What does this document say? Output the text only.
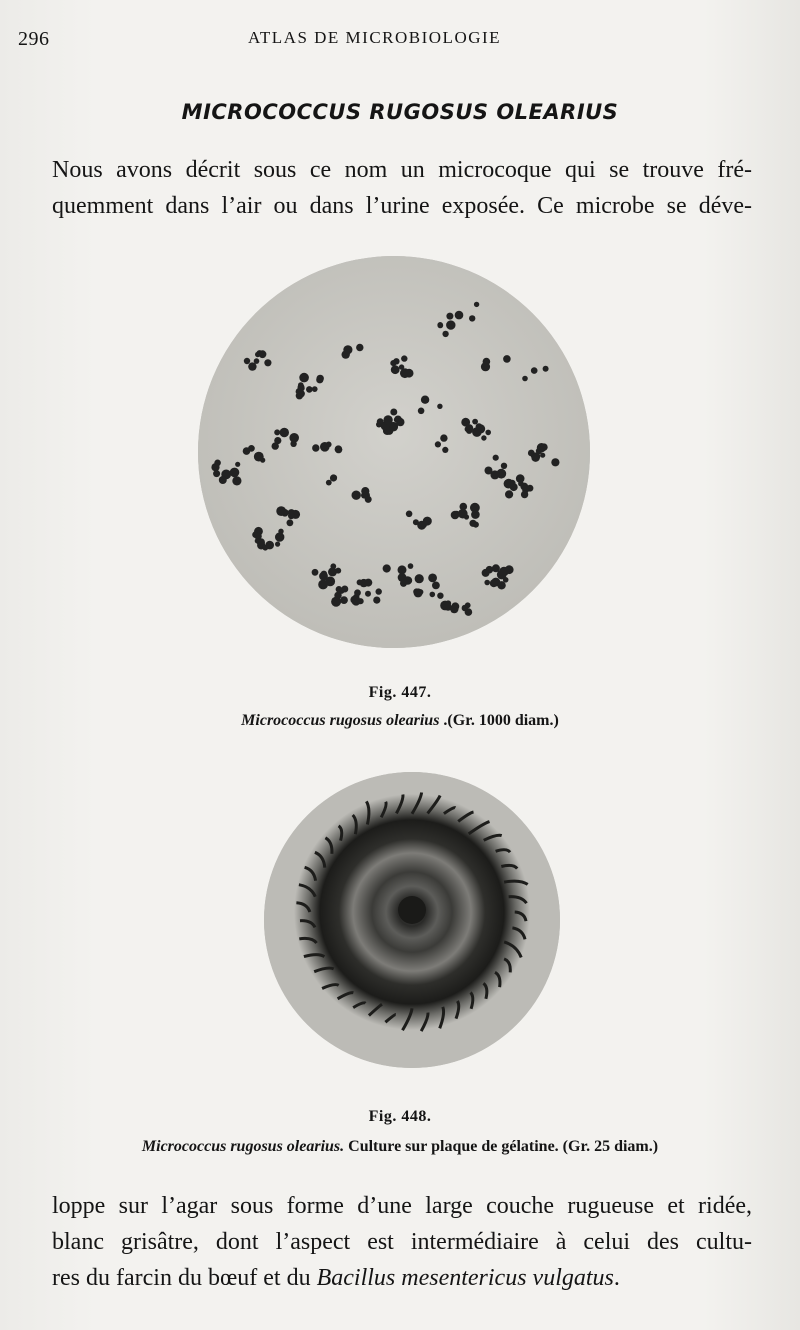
296	ATLAS DE MICROBIOLOGIE
MICROCOCCUS RUGOSUS OLEARIUS
Nous avons décrit sous ce nom un microcoque qui se trouve fré-
quemment dans l’air ou dans l’urine exposée. Ce microbe se déve-
Fig. 447.
Micrococcus rugosus olearius .(Gr. 1000 diam.)
Fig. 448.
Micrococcus rugosus olearius. Culture sur plaque de gélatine. (Gr. 25 diam.)
loppe sur l’agar sous forme d’une large couche rugueuse et ridée,
blanc grisâtre, dont l’aspect est intermédiaire à celui des cultu-
res du farcin du bœuf et du Bacillus mesentericus vulgatus.
